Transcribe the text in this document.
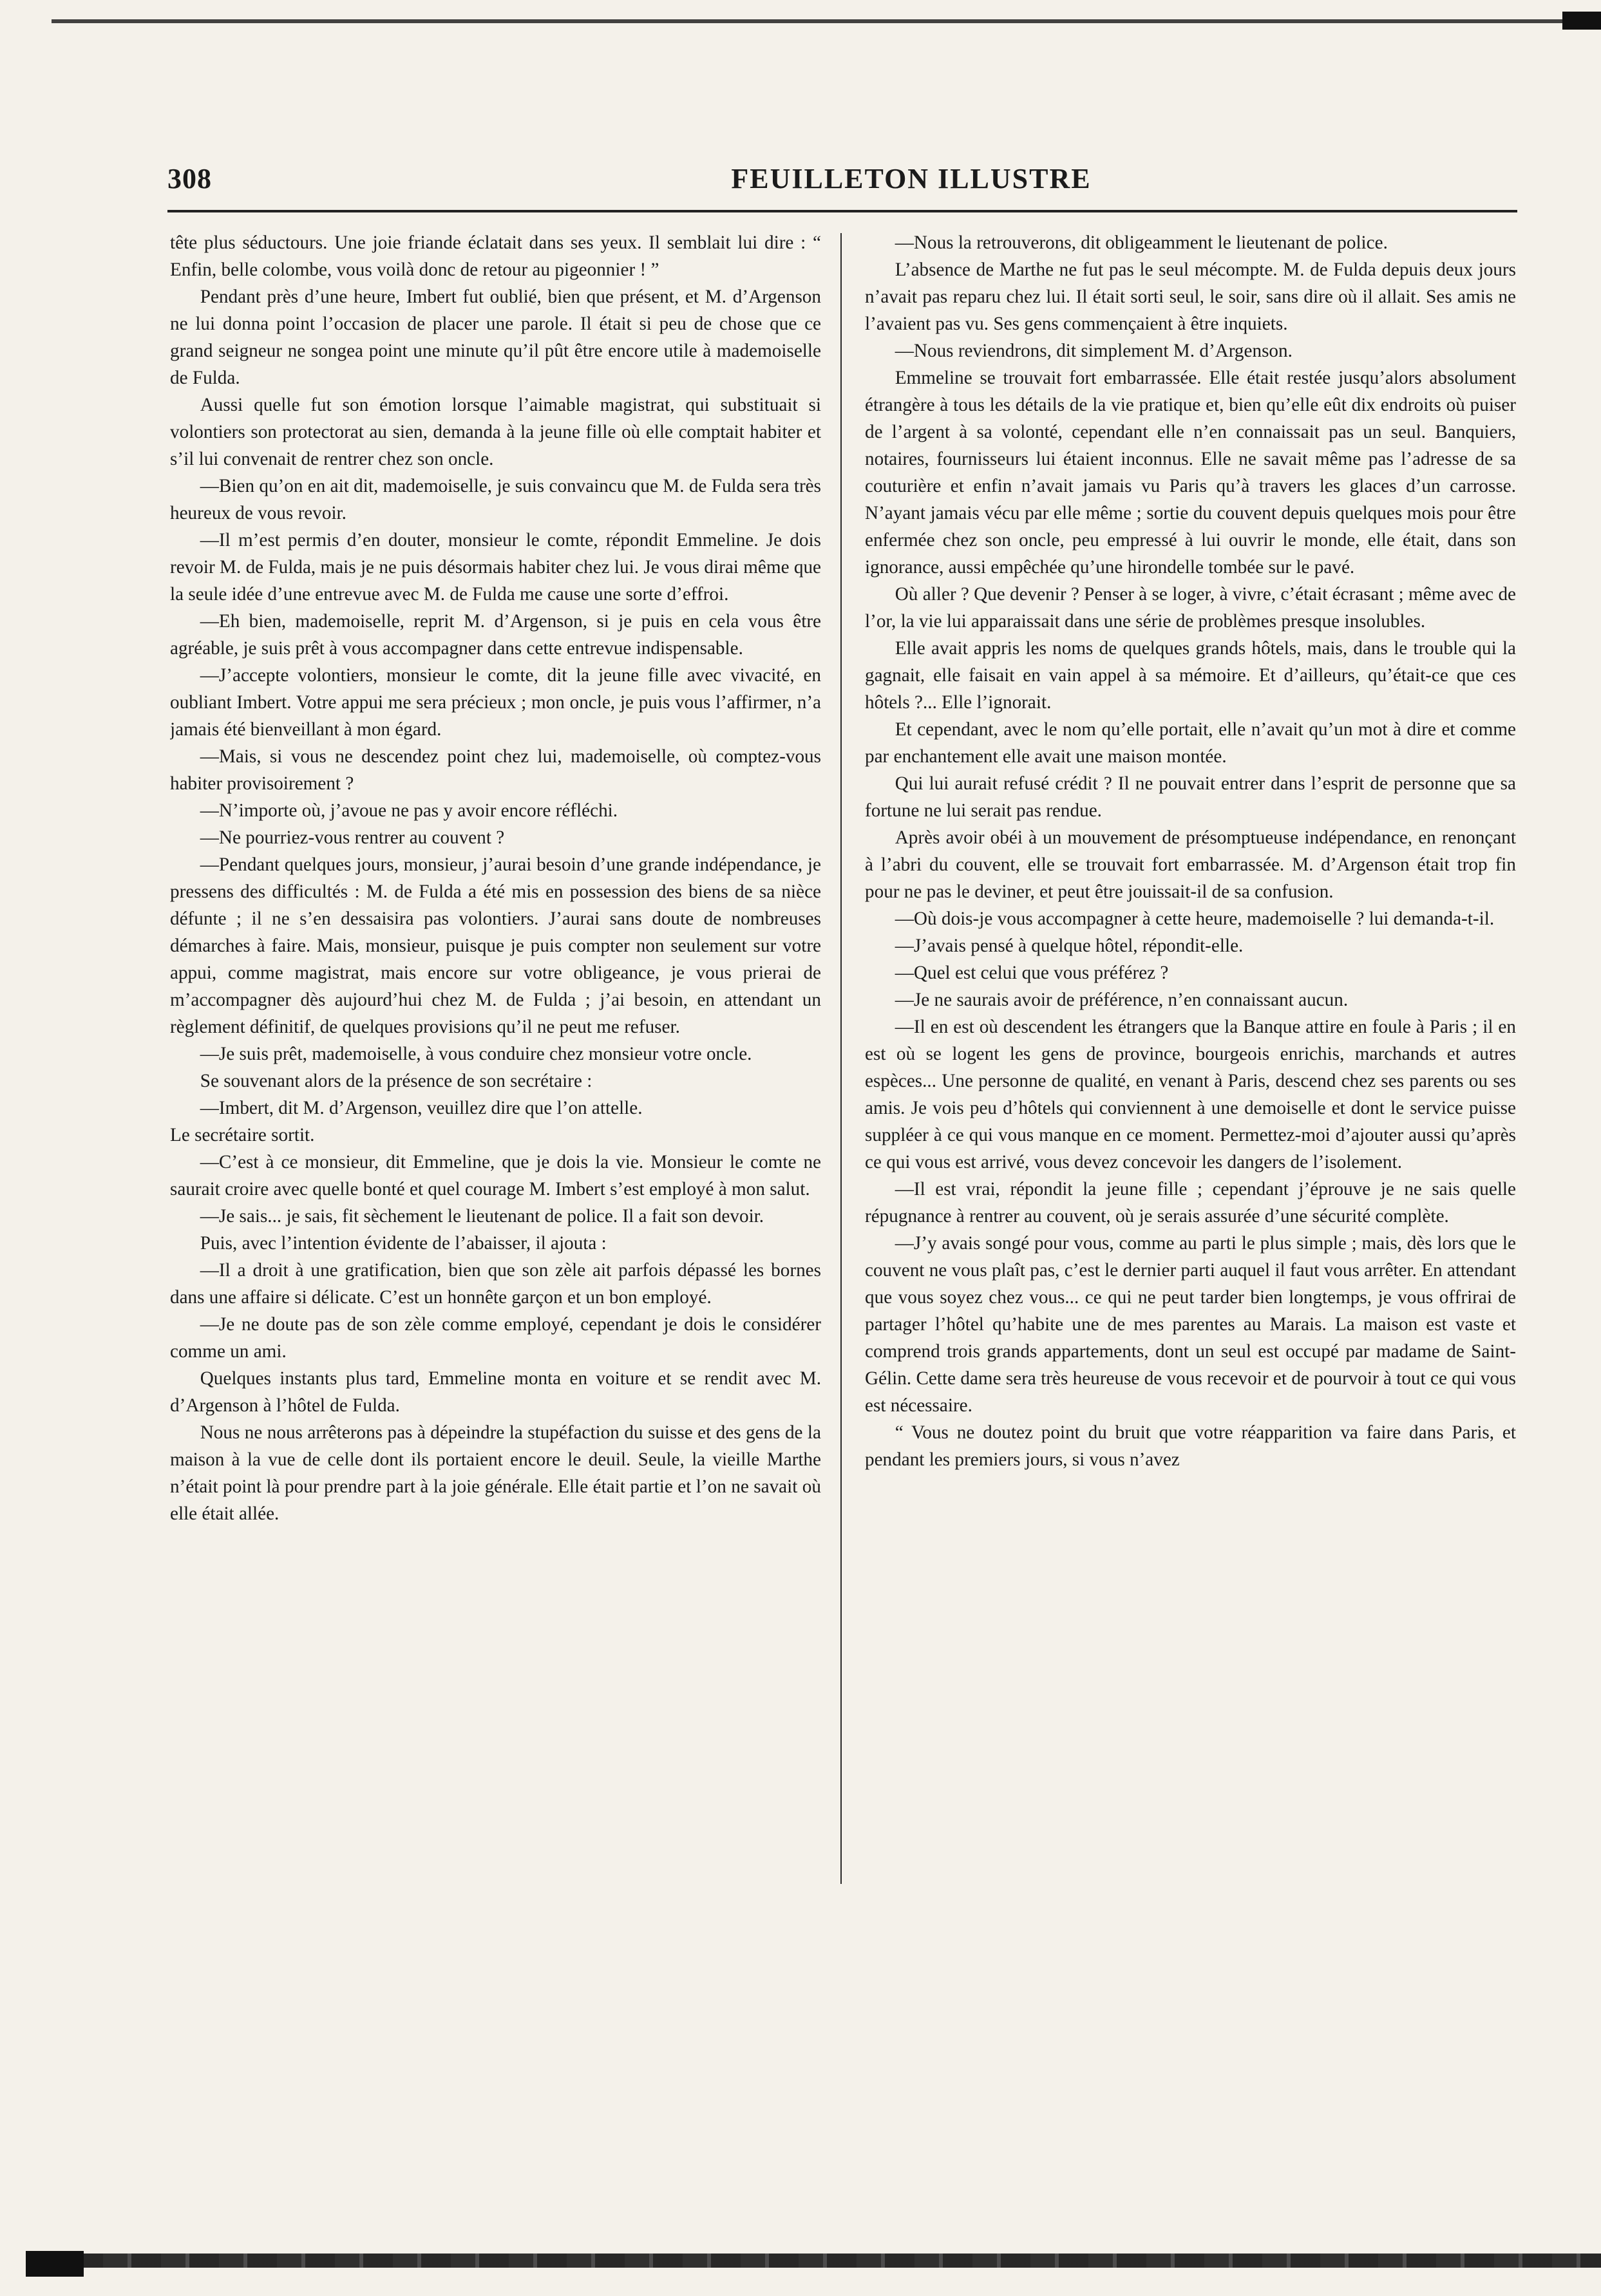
308	FEUILLETON ILLUSTRE

tête plus séductours. Une joie friande éclatait dans ses yeux. Il semblait lui dire : “ Enfin, belle colombe, vous voilà donc de retour au pigeonnier ! ”

Pendant près d’une heure, Imbert fut oublié, bien que présent, et M. d’Argenson ne lui donna point l’occasion de placer une parole. Il était si peu de chose que ce grand seigneur ne songea point une minute qu’il pût être encore utile à mademoiselle de Fulda.

Aussi quelle fut son émotion lorsque l’aimable magistrat, qui substituait si volontiers son protectorat au sien, demanda à la jeune fille où elle comptait habiter et s’il lui convenait de rentrer chez son oncle.

—Bien qu’on en ait dit, mademoiselle, je suis convaincu que M. de Fulda sera très heureux de vous revoir.

—Il m’est permis d’en douter, monsieur le comte, répondit Emmeline. Je dois revoir M. de Fulda, mais je ne puis désormais habiter chez lui. Je vous dirai même que la seule idée d’une entrevue avec M. de Fulda me cause une sorte d’effroi.

—Eh bien, mademoiselle, reprit M. d’Argenson, si je puis en cela vous être agréable, je suis prêt à vous accompagner dans cette entrevue indispensable.

—J’accepte volontiers, monsieur le comte, dit la jeune fille avec vivacité, en oubliant Imbert. Votre appui me sera précieux ; mon oncle, je puis vous l’affirmer, n’a jamais été bienveillant à mon égard.

—Mais, si vous ne descendez point chez lui, mademoiselle, où comptez-vous habiter provisoirement ?

—N’importe où, j’avoue ne pas y avoir encore réfléchi.

—Ne pourriez-vous rentrer au couvent ?

—Pendant quelques jours, monsieur, j’aurai besoin d’une grande indépendance, je pressens des difficultés : M. de Fulda a été mis en possession des biens de sa nièce défunte ; il ne s’en dessaisira pas volontiers. J’aurai sans doute de nombreuses démarches à faire. Mais, monsieur, puisque je puis compter non seulement sur votre appui, comme magistrat, mais encore sur votre obligeance, je vous prierai de m’accompagner dès aujourd’hui chez M. de Fulda ; j’ai besoin, en attendant un règlement définitif, de quelques provisions qu’il ne peut me refuser.

—Je suis prêt, mademoiselle, à vous conduire chez monsieur votre oncle.

Se souvenant alors de la présence de son secrétaire :

—Imbert, dit M. d’Argenson, veuillez dire que l’on attelle.

Le secrétaire sortit.

—C’est à ce monsieur, dit Emmeline, que je dois la vie. Monsieur le comte ne saurait croire avec quelle bonté et quel courage M. Imbert s’est employé à mon salut.

—Je sais... je sais, fit sèchement le lieutenant de police. Il a fait son devoir.

Puis, avec l’intention évidente de l’abaisser, il ajouta :

—Il a droit à une gratification, bien que son zèle ait parfois dépassé les bornes dans une affaire si délicate. C’est un honnête garçon et un bon employé.

—Je ne doute pas de son zèle comme employé, cependant je dois le considérer comme un ami.

Quelques instants plus tard, Emmeline monta en voiture et se rendit avec M. d’Argenson à l’hôtel de Fulda.

Nous ne nous arrêterons pas à dépeindre la stupéfaction du suisse et des gens de la maison à la vue de celle dont ils portaient encore le deuil. Seule, la vieille Marthe n’était point là pour prendre part à la joie générale. Elle était partie et l’on ne savait où elle était allée.

—Nous la retrouverons, dit obligeamment le lieutenant de police.

L’absence de Marthe ne fut pas le seul mécompte. M. de Fulda depuis deux jours n’avait pas reparu chez lui. Il était sorti seul, le soir, sans dire où il allait. Ses amis ne l’avaient pas vu. Ses gens commençaient à être inquiets.

—Nous reviendrons, dit simplement M. d’Argenson.

Emmeline se trouvait fort embarrassée. Elle était restée jusqu’alors absolument étrangère à tous les détails de la vie pratique et, bien qu’elle eût dix endroits où puiser de l’argent à sa volonté, cependant elle n’en connaissait pas un seul. Banquiers, notaires, fournisseurs lui étaient inconnus. Elle ne savait même pas l’adresse de sa couturière et enfin n’avait jamais vu Paris qu’à travers les glaces d’un carrosse. N’ayant jamais vécu par elle même ; sortie du couvent depuis quelques mois pour être enfermée chez son oncle, peu empressé à lui ouvrir le monde, elle était, dans son ignorance, aussi empêchée qu’une hirondelle tombée sur le pavé.

Où aller ? Que devenir ? Penser à se loger, à vivre, c’était écrasant ; même avec de l’or, la vie lui apparaissait dans une série de problèmes presque insolubles.

Elle avait appris les noms de quelques grands hôtels, mais, dans le trouble qui la gagnait, elle faisait en vain appel à sa mémoire. Et d’ailleurs, qu’était-ce que ces hôtels ?... Elle l’ignorait.

Et cependant, avec le nom qu’elle portait, elle n’avait qu’un mot à dire et comme par enchantement elle avait une maison montée.

Qui lui aurait refusé crédit ? Il ne pouvait entrer dans l’esprit de personne que sa fortune ne lui serait pas rendue.

Après avoir obéi à un mouvement de présomptueuse indépendance, en renonçant à l’abri du couvent, elle se trouvait fort embarrassée. M. d’Argenson était trop fin pour ne pas le deviner, et peut être jouissait-il de sa confusion.

—Où dois-je vous accompagner à cette heure, mademoiselle ? lui demanda-t-il.

—J’avais pensé à quelque hôtel, répondit-elle.

—Quel est celui que vous préférez ?

—Je ne saurais avoir de préférence, n’en connaissant aucun.

—Il en est où descendent les étrangers que la Banque attire en foule à Paris ; il en est où se logent les gens de province, bourgeois enrichis, marchands et autres espèces... Une personne de qualité, en venant à Paris, descend chez ses parents ou ses amis. Je vois peu d’hôtels qui conviennent à une demoiselle et dont le service puisse suppléer à ce qui vous manque en ce moment. Permettez-moi d’ajouter aussi qu’après ce qui vous est arrivé, vous devez concevoir les dangers de l’isolement.

—Il est vrai, répondit la jeune fille ; cependant j’éprouve je ne sais quelle répugnance à rentrer au couvent, où je serais assurée d’une sécurité complète.

—J’y avais songé pour vous, comme au parti le plus simple ; mais, dès lors que le couvent ne vous plaît pas, c’est le dernier parti auquel il faut vous arrêter. En attendant que vous soyez chez vous... ce qui ne peut tarder bien longtemps, je vous offrirai de partager l’hôtel qu’habite une de mes parentes au Marais. La maison est vaste et comprend trois grands appartements, dont un seul est occupé par madame de Saint-Gélin. Cette dame sera très heureuse de vous recevoir et de pourvoir à tout ce qui vous est nécessaire.

“ Vous ne doutez point du bruit que votre réapparition va faire dans Paris, et pendant les premiers jours, si vous n’avez
